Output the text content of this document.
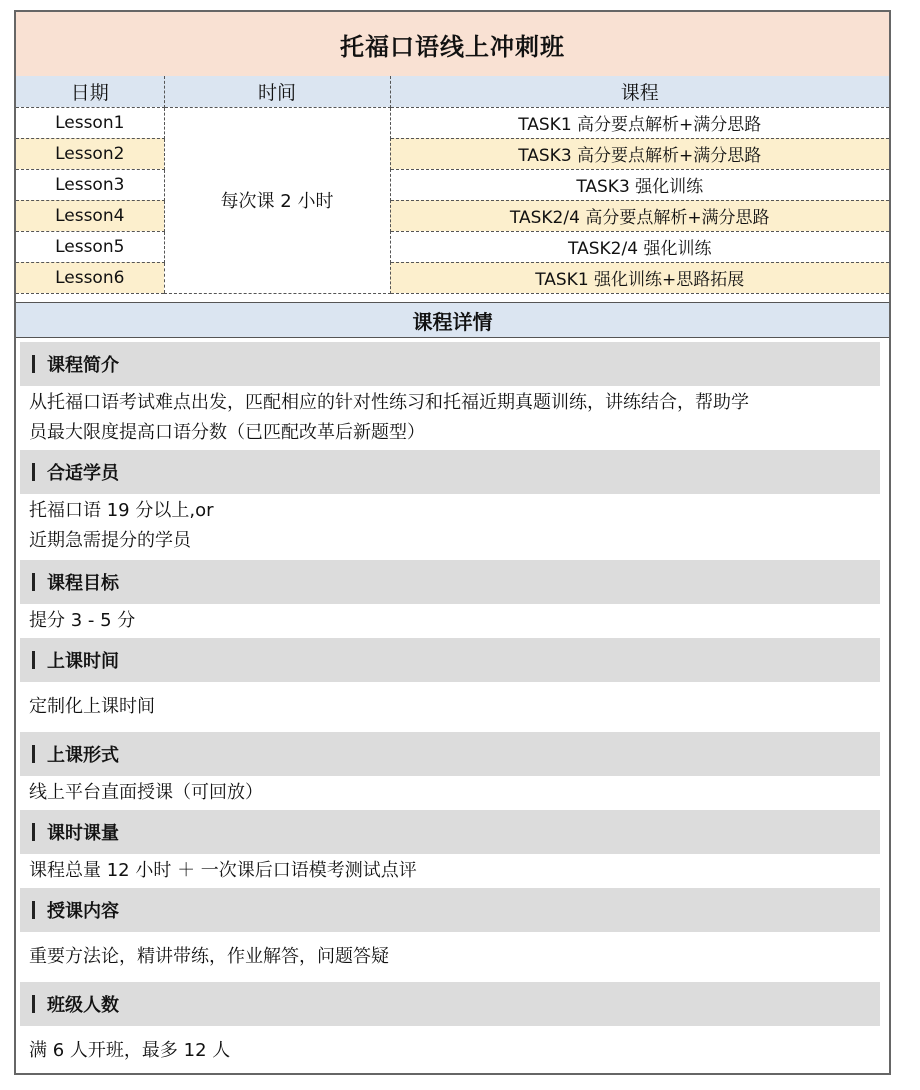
托福口语线上冲刺班
日期	时间	课程
Lesson1	每次课 2 小时	TASK1 高分要点解析+满分思路
Lesson2		TASK3 高分要点解析+满分思路
Lesson3		TASK3 强化训练
Lesson4		TASK2/4 高分要点解析+满分思路
Lesson5		TASK2/4 强化训练
Lesson6		TASK1 强化训练+思路拓展
课程详情
课程简介
从托福口语考试难点出发，匹配相应的针对性练习和托福近期真题训练，讲练结合，帮助学
员最大限度提高口语分数（已匹配改革后新题型）
合适学员
托福口语 19 分以上,or
近期急需提分的学员
课程目标
提分 3 - 5 分
上课时间
定制化上课时间
上课形式
线上平台直面授课（可回放）
课时课量
课程总量 12 小时 ＋ 一次课后口语模考测试点评
授课内容
重要方法论，精讲带练，作业解答，问题答疑
班级人数
满 6 人开班，最多 12 人
